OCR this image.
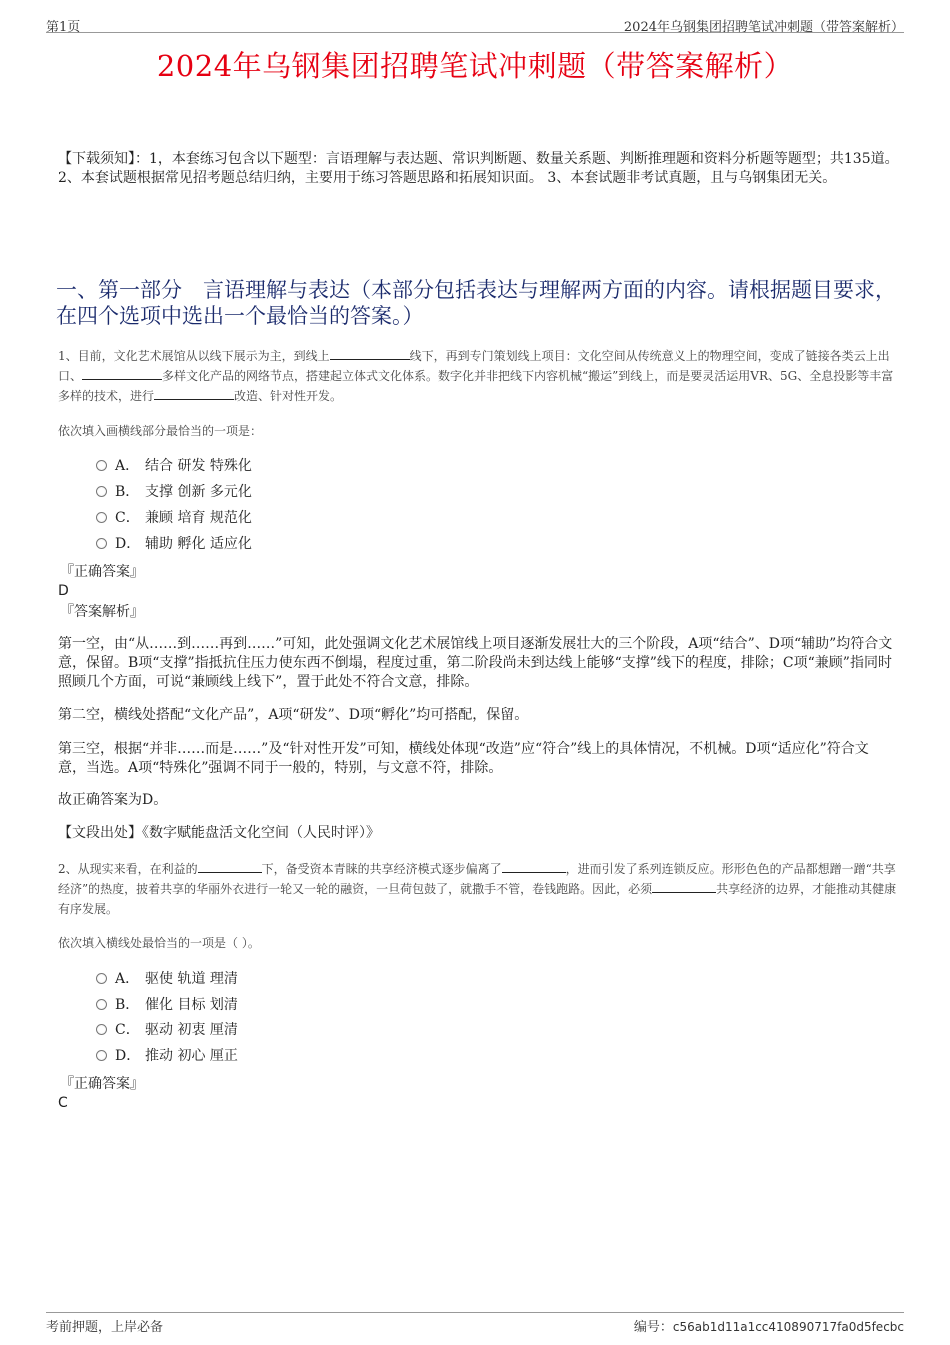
第1页	2024年乌钢集团招聘笔试冲刺题（带答案解析）
2024年乌钢集团招聘笔试冲刺题（带答案解析）
【下载须知】：1，本套练习包含以下题型：言语理解与表达题、常识判断题、数量关系题、判断推理题和资料分析题等题型；共135道。 2、本套试题根据常见招考题总结归纳，主要用于练习答题思路和拓展知识面。 3、本套试题非考试真题，且与乌钢集团无关。
一、第一部分　言语理解与表达（本部分包括表达与理解两方面的内容。请根据题目要求，在四个选项中选出一个最恰当的答案。）
1、目前，文化艺术展馆从以线下展示为主，到线上	线下，再到专门策划线上项目：文化空间从传统意义上的物理空间，变成了链接各类云上出口、	多样文化产品的网络节点，搭建起立体式文化体系。数字化并非把线下内容机械“搬运”到线上，而是要灵活运用VR、5G、全息投影等丰富多样的技术，进行	改造、针对性开发。
依次填入画横线部分最恰当的一项是：
A． 结合 研发 特殊化
B． 支撑 创新 多元化
C． 兼顾 培育 规范化
D． 辅助 孵化 适应化
『正确答案』
D
『答案解析』
第一空，由“从……到……再到……”可知，此处强调文化艺术展馆线上项目逐渐发展壮大的三个阶段，A项“结合”、D项“辅助”均符合文意，保留。B项“支撑”指抵抗住压力使东西不倒塌，程度过重，第二阶段尚未到达线上能够“支撑”线下的程度，排除；C项“兼顾”指同时照顾几个方面，可说“兼顾线上线下”，置于此处不符合文意，排除。
第二空，横线处搭配“文化产品”，A项“研发”、D项“孵化”均可搭配，保留。
第三空，根据“并非……而是……”及“针对性开发”可知，横线处体现“改造”应“符合”线上的具体情况，不机械。D项“适应化”符合文意，当选。A项“特殊化”强调不同于一般的，特别，与文意不符，排除。
故正确答案为D。
【文段出处】《数字赋能盘活文化空间（人民时评）》
2、从现实来看，在利益的	下，备受资本青睐的共享经济模式逐步偏离了	，进而引发了系列连锁反应。形形色色的产品都想蹭一蹭“共享经济”的热度，披着共享的华丽外衣进行一轮又一轮的融资，一旦荷包鼓了，就撒手不管，卷钱跑路。因此，必须	共享经济的边界，才能推动其健康有序发展。
依次填入横线处最恰当的一项是（ ）。
A． 驱使 轨道 理清
B． 催化 目标 划清
C． 驱动 初衷 厘清
D． 推动 初心 厘正
『正确答案』
C
考前押题，上岸必备	编号：c56ab1d11a1cc410890717fa0d5fecbc
